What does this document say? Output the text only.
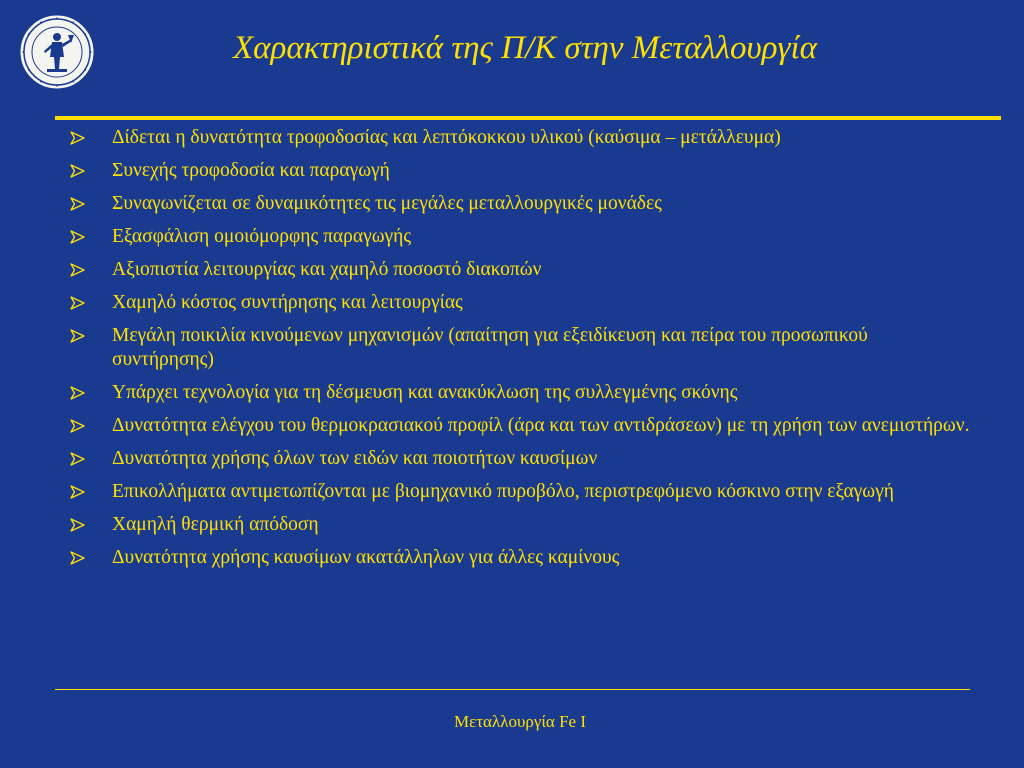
Χαρακτηριστικά της Π/Κ στην Μεταλλουργία
Δίδεται η δυνατότητα τροφοδοσίας και λεπτόκοκκου υλικού (καύσιμα – μετάλλευμα)
Συνεχής τροφοδοσία και παραγωγή
Συναγωνίζεται σε δυναμικότητες τις μεγάλες μεταλλουργικές μονάδες
Εξασφάλιση ομοιόμορφης παραγωγής
Αξιοπιστία λειτουργίας και χαμηλό ποσοστό διακοπών
Χαμηλό κόστος συντήρησης και λειτουργίας
Μεγάλη ποικιλία κινούμενων μηχανισμών (απαίτηση για εξειδίκευση και πείρα του προσωπικού συντήρησης)
Υπάρχει τεχνολογία για τη δέσμευση και ανακύκλωση της συλλεγμένης σκόνης
Δυνατότητα ελέγχου του θερμοκρασιακού προφίλ (άρα και των αντιδράσεων) με τη χρήση των ανεμιστήρων.
Δυνατότητα χρήσης όλων των ειδών και ποιοτήτων καυσίμων
Επικολλήματα αντιμετωπίζονται με βιομηχανικό πυροβόλο, περιστρεφόμενο κόσκινο στην εξαγωγή
Χαμηλή θερμική απόδοση
Δυνατότητα χρήσης καυσίμων ακατάλληλων για άλλες καμίνους
Μεταλλουργία Fe I
